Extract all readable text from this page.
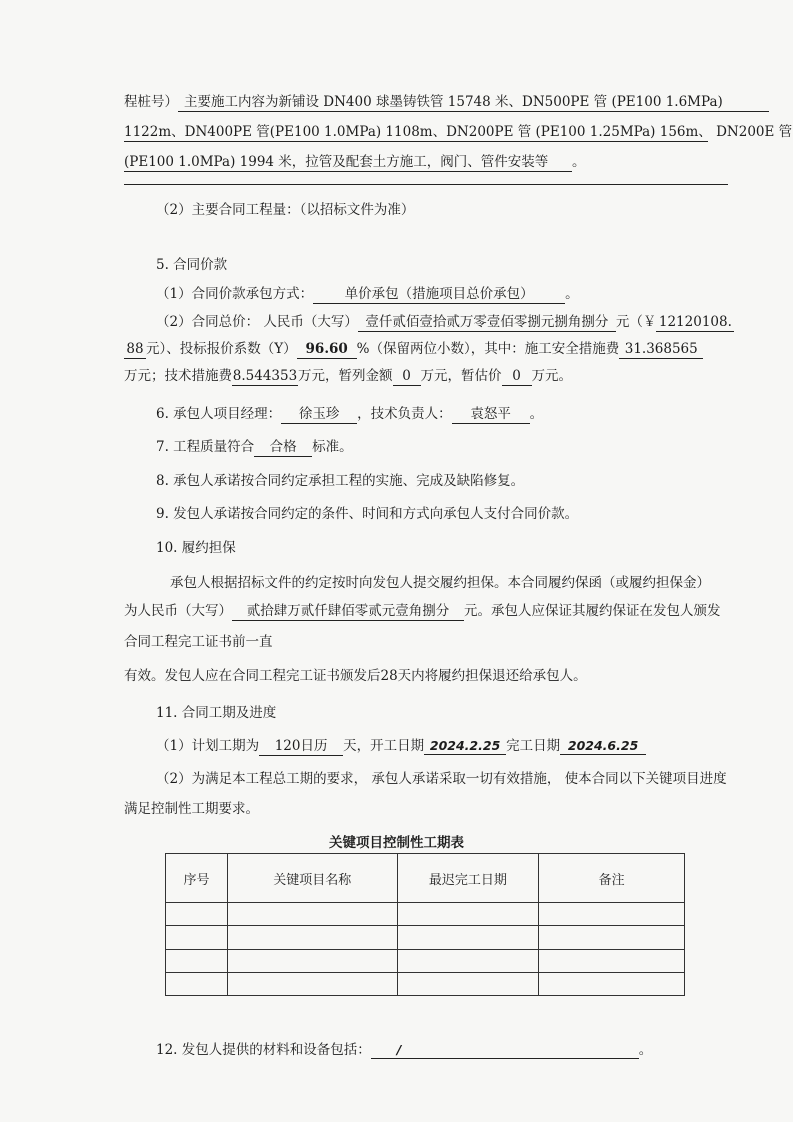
程桩号） 主要施工内容为新铺设 DN400 球墨铸铁管 15748 米、DN500PE 管 (PE100 1.6MPa)
1122m、DN400PE 管(PE100 1.0MPa) 1108m、DN200PE 管 (PE100 1.25MPa) 156m、 DN200E 管
(PE100 1.0MPa) 1994 米，拉管及配套土方施工，阀门、管件安装等 。
（2）主要合同工程量：（以招标文件为准）
5. 合同价款
（1）合同价款承包方式： 单价承包（措施项目总价承包） 。
（2）合同总价： 人民币（大写） 壹仟贰佰壹拾贰万零壹佰零捌元捌角捌分 元（￥ 12120108.
88 元）、投标报价系数（Y） 96.60 %（保留两位小数），其中：施工安全措施费 31.368565
万元；技术措施费8.544353万元，暂列金额 0 万元，暂估价 0 万元。
6. 承包人项目经理： 徐玉珍 ，技术负责人： 袁怒平 。
7. 工程质量符合 合格 标准。
8. 承包人承诺按合同约定承担工程的实施、完成及缺陷修复。
9. 发包人承诺按合同约定的条件、时间和方式向承包人支付合同价款。
10. 履约担保
承包人根据招标文件的约定按时向发包人提交履约担保。本合同履约保函（或履约担保金）
为人民币（大写） 贰拾肆万贰仟肆佰零贰元壹角捌分 元。承包人应保证其履约保证在发包人颁发
合同工程完工证书前一直
有效。发包人应在合同工程完工证书颁发后28天内将履约担保退还给承包人。
11. 合同工期及进度
（1）计划工期为 120日历 天，开工日期 2024.2.25 完工日期 2024.6.25
（2）为满足本工程总工期的要求， 承包人承诺采取一切有效措施， 使本合同以下关键项目进度
满足控制性工期要求。
关键项目控制性工期表
序号	关键项目名称	最迟完工日期	备注

12. 发包人提供的材料和设备包括： /	。
